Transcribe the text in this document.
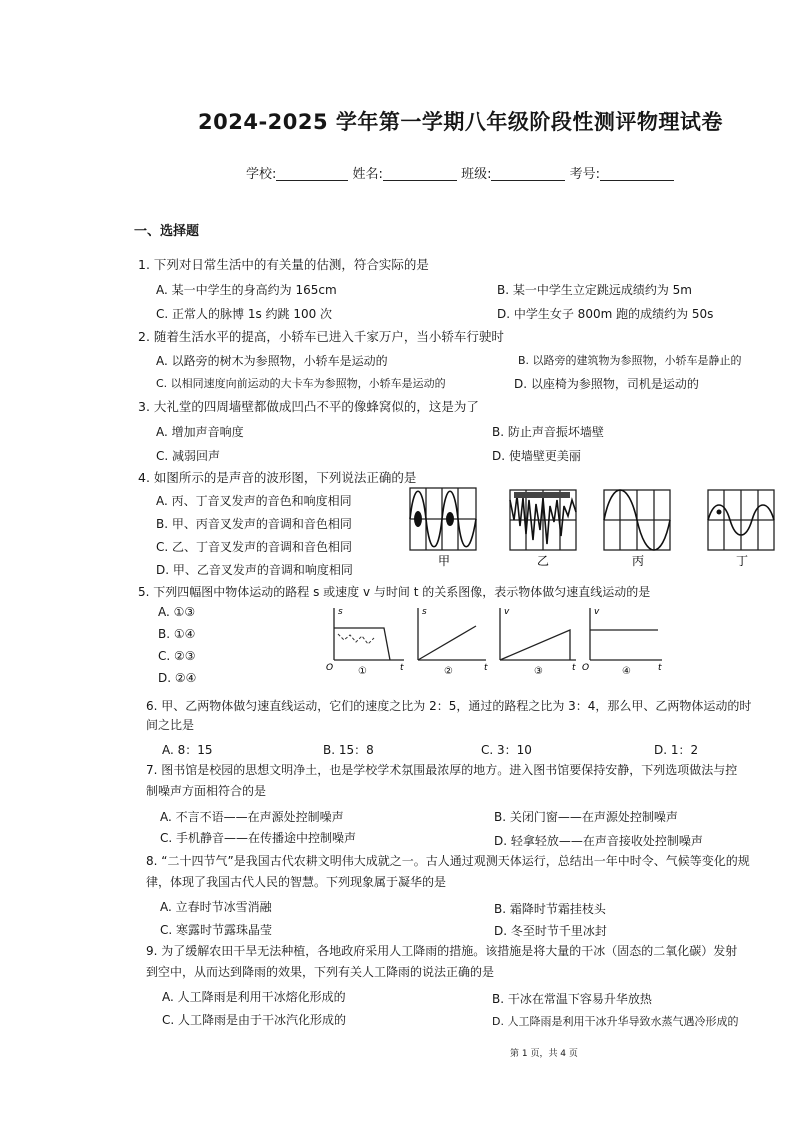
2024-2025 学年第一学期八年级阶段性测评物理试卷
学校:	姓名:	班级:	考号:
一、选择题
1. 下列对日常生活中的有关量的估测，符合实际的是
A. 某一中学生的身高约为 165cm	B. 某一中学生立定跳远成绩约为 5m
C. 正常人的脉博 1s 约跳 100 次	D. 中学生女子 800m 跑的成绩约为 50s
2. 随着生活水平的提高，小轿车已进入千家万户，当小轿车行驶时
A. 以路旁的树木为参照物，小轿车是运动的	B. 以路旁的建筑物为参照物，小轿车是静止的
C. 以相同速度向前运动的大卡车为参照物，小轿车是运动的	D. 以座椅为参照物，司机是运动的
3. 大礼堂的四周墙壁都做成凹凸不平的像蜂窝似的，这是为了
A. 增加声音响度	B. 防止声音振坏墙壁
C. 减弱回声	D. 使墙壁更美丽
4. 如图所示的是声音的波形图，下列说法正确的是
A. 丙、丁音叉发声的音色和响度相同
B. 甲、丙音叉发声的音调和音色相同
C. 乙、丁音叉发声的音调和音色相同
D. 甲、乙音叉发声的音调和响度相同
甲	乙	丙	丁
5. 下列四幅图中物体运动的路程 s 或速度 v 与时间 t 的关系图像，表示物体做匀速直线运动的是
A. ①③
B. ①④
C. ②③
D. ②④
s
O	t
①
s
t
②
v
t
③
v
O	t
④
6. 甲、乙两物体做匀速直线运动，它们的速度之比为 2：5，通过的路程之比为 3：4，那么甲、乙两物体运动的时
间之比是
A. 8：15	B. 15：8	C. 3：10	D. 1：2
7. 图书馆是校园的思想文明净土，也是学校学术氛围最浓厚的地方。进入图书馆要保持安静，下列选项做法与控
制噪声方面相符合的是
A. 不言不语——在声源处控制噪声	B. 关闭门窗——在声源处控制噪声
C. 手机静音——在传播途中控制噪声	D. 轻拿轻放——在声音接收处控制噪声
8. “二十四节气”是我国古代农耕文明伟大成就之一。古人通过观测天体运行，总结出一年中时令、气候等变化的规
律，体现了我国古代人民的智慧。下列现象属于凝华的是
A. 立春时节冰雪消融	B. 霜降时节霜挂枝头
C. 寒露时节露珠晶莹	D. 冬至时节千里冰封
9. 为了缓解农田干旱无法种植，各地政府采用人工降雨的措施。该措施是将大量的干冰（固态的二氧化碳）发射
到空中，从而达到降雨的效果，下列有关人工降雨的说法正确的是
A. 人工降雨是利用干冰熔化形成的	B. 干冰在常温下容易升华放热
C. 人工降雨是由于干冰汽化形成的	D. 人工降雨是利用干冰升华导致水蒸气遇冷形成的
第 1 页，共 4 页
